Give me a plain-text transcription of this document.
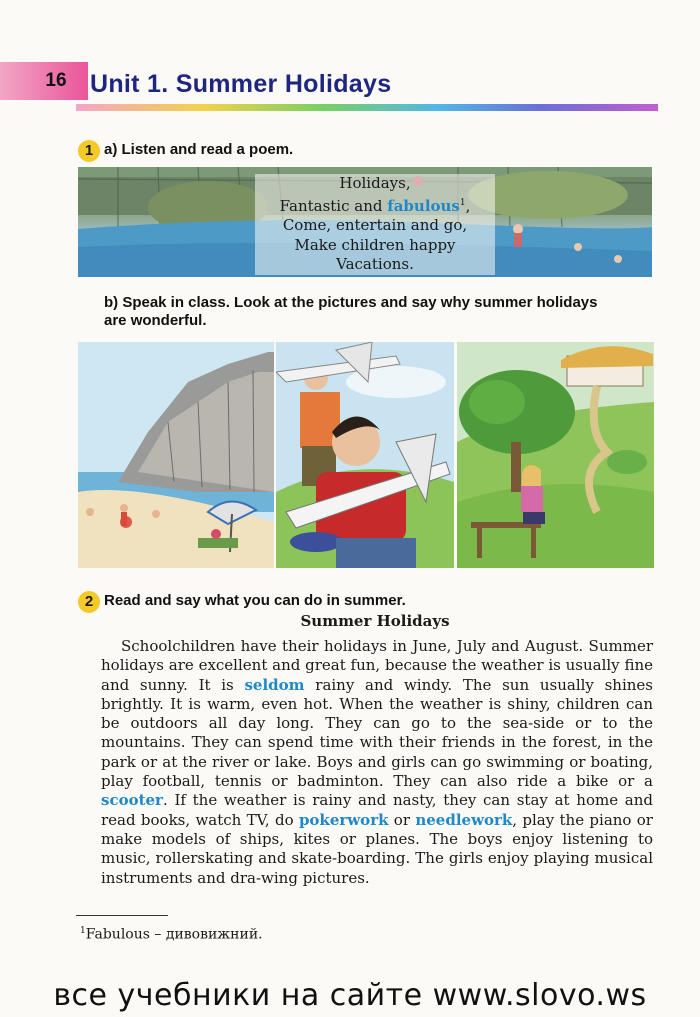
16 Unit 1. Summer Holidays
1 a) Listen and read a poem.
Holidays,
Fantastic and fabulous$^1$,
Come, entertain and go,
Make children happy
Vacations.
b) Speak in class. Look at the pictures and say why summer holidays
are wonderful.
2 Read and say what you can do in summer.
Summer Holidays
Schoolchildren have their holidays in June, July and August. Summer holidays are excellent and great fun, because the weather is usually fine and sunny. It is seldom rainy and windy. The sun usually shines brightly. It is warm, even hot. When the weather is shiny, children can be outdoors all day long. They can go to the sea-side or to the mountains. They can spend time with their friends in the forest, in the park or at the river or lake. Boys and girls can go swimming or boating, play football, tennis or badminton. They can also ride a bike or a scooter. If the weather is rainy and nasty, they can stay at home and read books, watch TV, do pokerwork or needlework, play the piano or make models of ships, kites or planes. The boys enjoy listening to music, rollerskating and skate-boarding. The girls enjoy playing musical instruments and dra-wing pictures.
$^1$Fabulous – дивовижний.
все учебники на сайте www.slovo.ws
